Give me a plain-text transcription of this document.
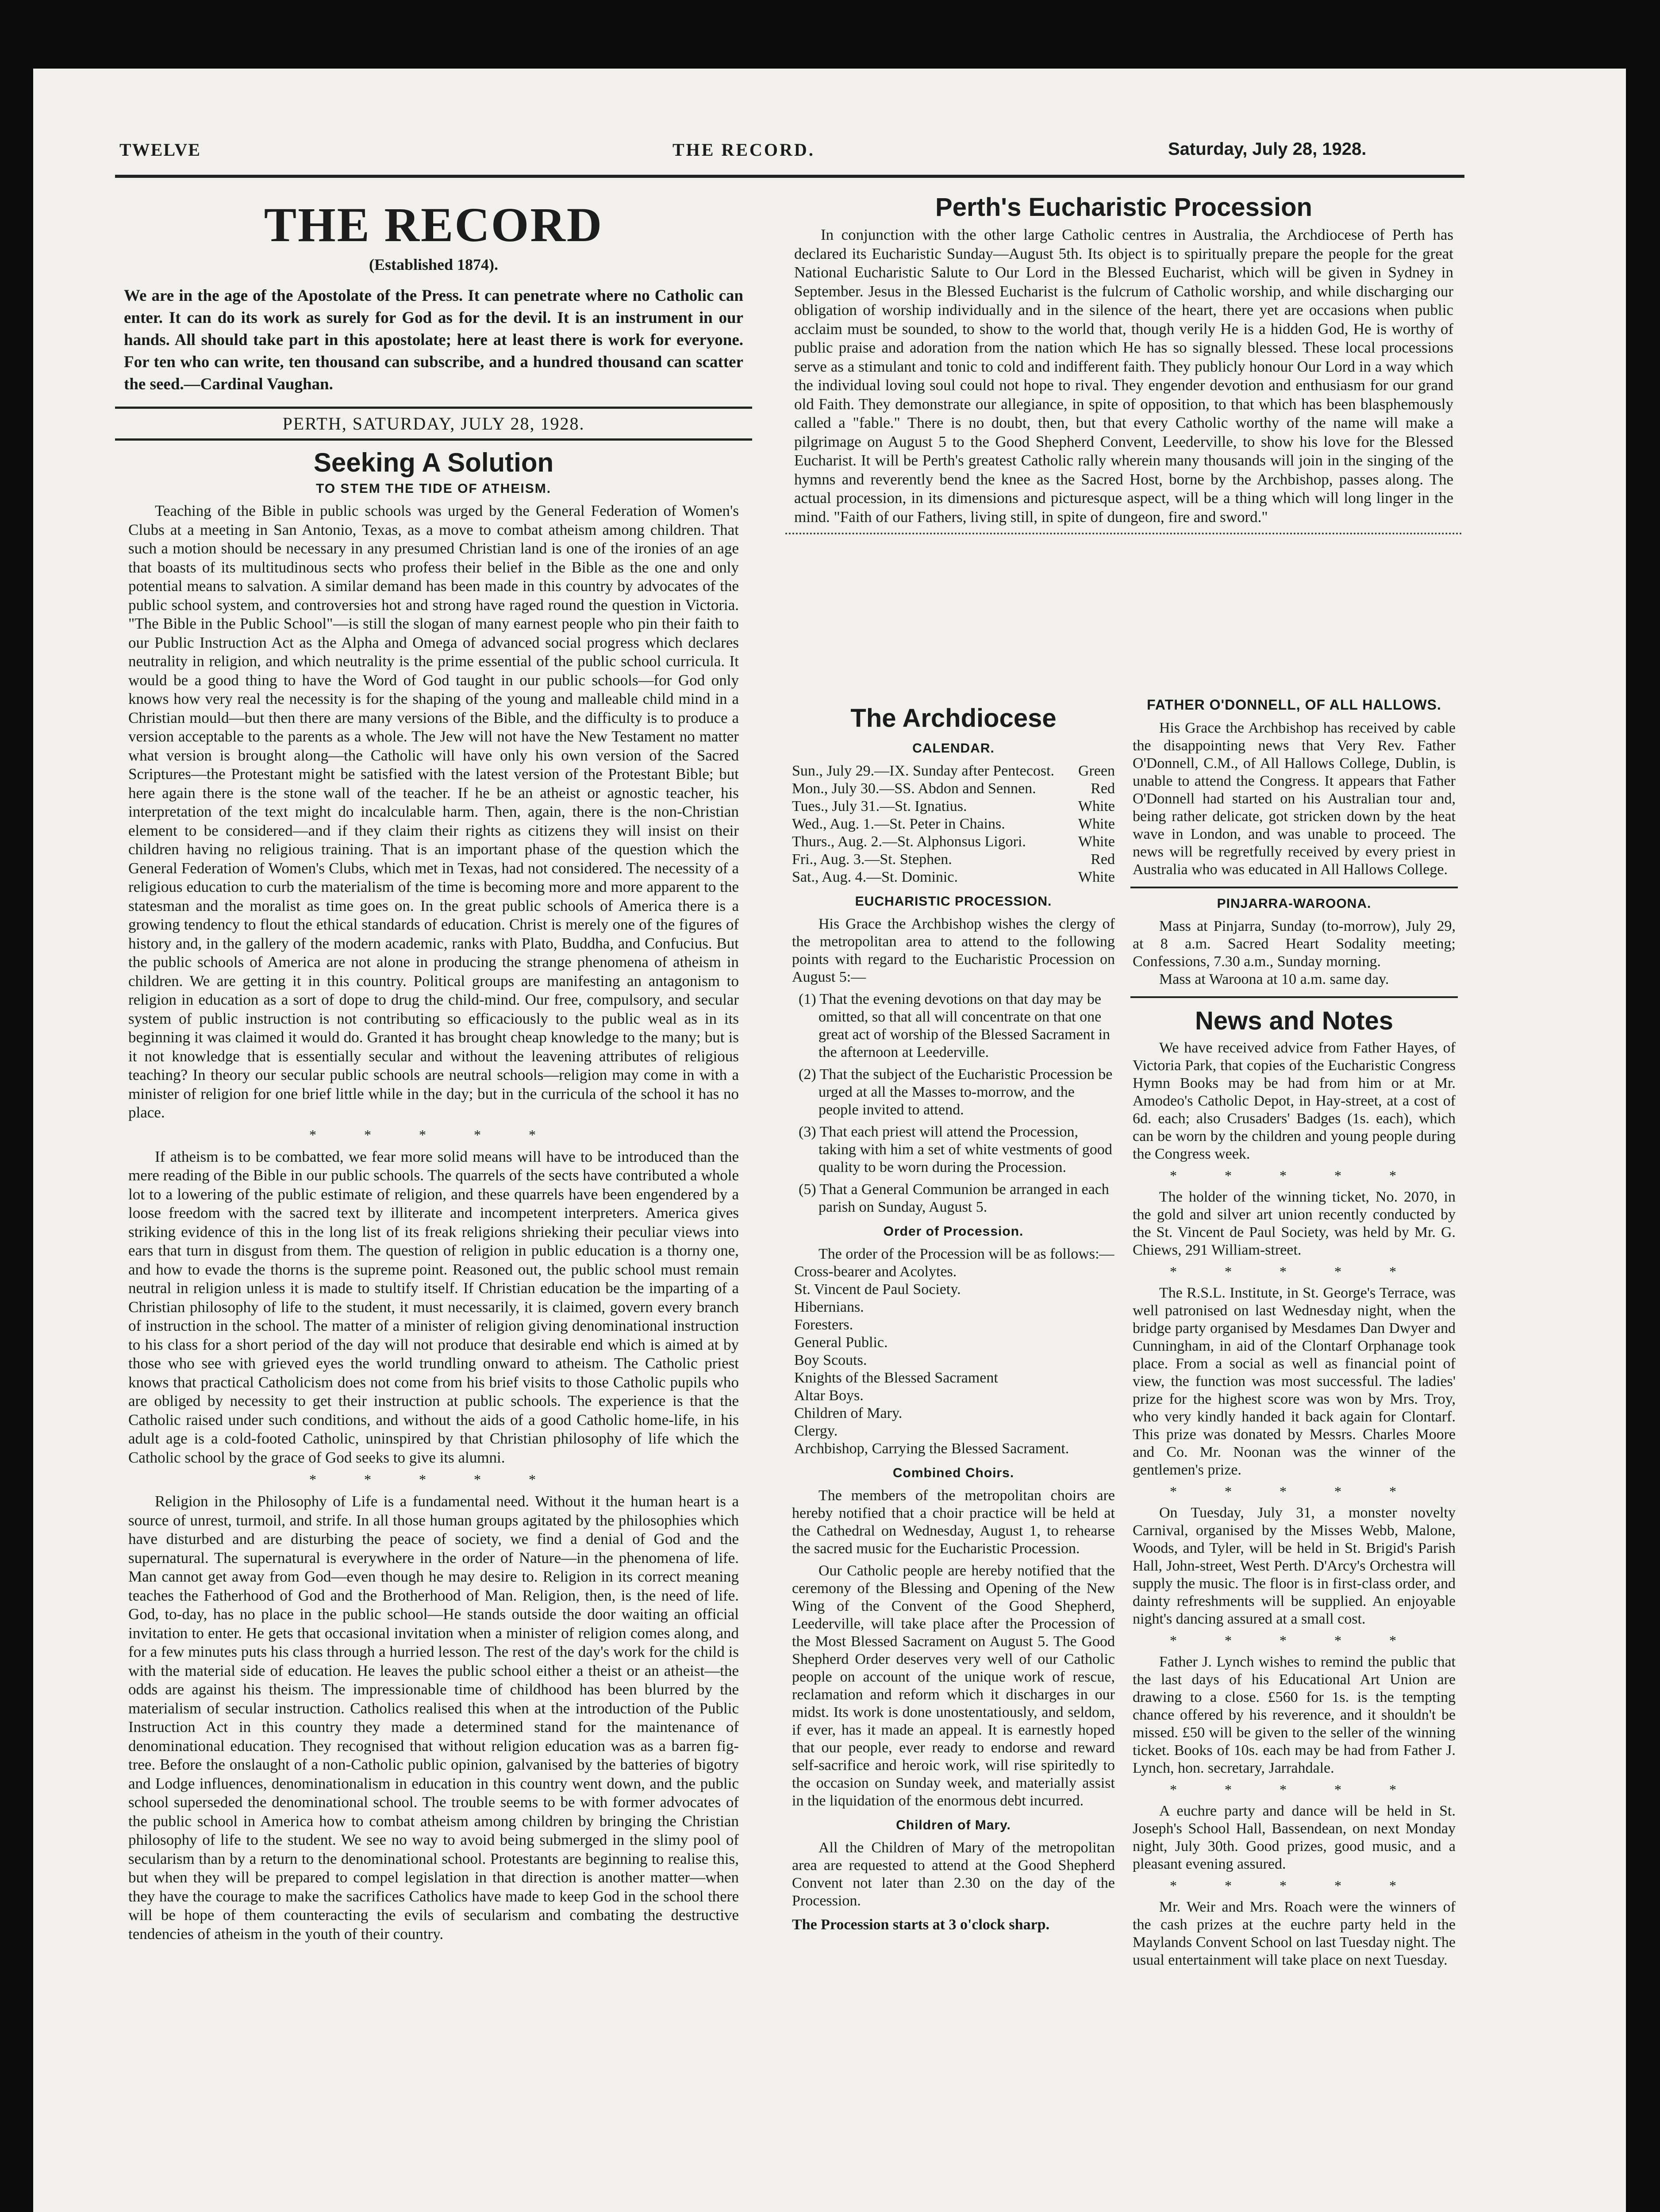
TWELVE	THE RECORD.	Saturday, July 28, 1928.
THE RECORD
(Established 1874).
We are in the age of the Apostolate of the Press. It can penetrate where no Catholic can enter. It can do its work as surely for God as for the devil. It is an instrument in our hands. All should take part in this apostolate; here at least there is work for everyone. For ten who can write, ten thousand can subscribe, and a hundred thousand can scatter the seed.—Cardinal Vaughan.
PERTH, SATURDAY, JULY 28, 1928.
Seeking A Solution
TO STEM THE TIDE OF ATHEISM.

Teaching of the Bible in public schools was urged by the General Federation of Women's Clubs at a meeting in San Antonio, Texas, as a move to combat atheism among children. That such a motion should be necessary in any presumed Christian land is one of the ironies of an age that boasts of its multitudinous sects who profess their belief in the Bible as the one and only potential means to salvation. A similar demand has been made in this country by advocates of the public school system, and controversies hot and strong have raged round the question in Victoria. "The Bible in the Public School"—is still the slogan of many earnest people who pin their faith to our Public Instruction Act as the Alpha and Omega of advanced social progress which declares neutrality in religion, and which neutrality is the prime essential of the public school curricula. It would be a good thing to have the Word of God taught in our public schools—for God only knows how very real the necessity is for the shaping of the young and malleable child mind in a Christian mould—but then there are many versions of the Bible, and the difficulty is to produce a version acceptable to the parents as a whole. The Jew will not have the New Testament no matter what version is brought along—the Catholic will have only his own version of the Sacred Scriptures—the Protestant might be satisfied with the latest version of the Protestant Bible; but here again there is the stone wall of the teacher. If he be an atheist or agnostic teacher, his interpretation of the text might do incalculable harm. Then, again, there is the non-Christian element to be considered—and if they claim their rights as citizens they will insist on their children having no religious training. That is an important phase of the question which the General Federation of Women's Clubs, which met in Texas, had not considered. The necessity of a religious education to curb the materialism of the time is becoming more and more apparent to the statesman and the moralist as time goes on. In the great public schools of America there is a growing tendency to flout the ethical standards of education. Christ is merely one of the figures of history and, in the gallery of the modern academic, ranks with Plato, Buddha, and Confucius. But the public schools of America are not alone in producing the strange phenomena of atheism in children. We are getting it in this country. Political groups are manifesting an antagonism to religion in education as a sort of dope to drug the child-mind. Our free, compulsory, and secular system of public instruction is not contributing so efficaciously to the public weal as in its beginning it was claimed it would do. Granted it has brought cheap knowledge to the many; but is it not knowledge that is essentially secular and without the leavening attributes of religious teaching? In theory our secular public schools are neutral schools—religion may come in with a minister of religion for one brief little while in the day; but in the curricula of the school it has no place.

* * * * *

If atheism is to be combatted, we fear more solid means will have to be introduced than the mere reading of the Bible in our public schools. The quarrels of the sects have contributed a whole lot to a lowering of the public estimate of religion, and these quarrels have been engendered by a loose freedom with the sacred text by illiterate and incompetent interpreters. America gives striking evidence of this in the long list of its freak religions shrieking their peculiar views into ears that turn in disgust from them. The question of religion in public education is a thorny one, and how to evade the thorns is the supreme point. Reasoned out, the public school must remain neutral in religion unless it is made to stultify itself. If Christian education be the imparting of a Christian philosophy of life to the student, it must necessarily, it is claimed, govern every branch of instruction in the school. The matter of a minister of religion giving denominational instruction to his class for a short period of the day will not produce that desirable end which is aimed at by those who see with grieved eyes the world trundling onward to atheism. The Catholic priest knows that practical Catholicism does not come from his brief visits to those Catholic pupils who are obliged by necessity to get their instruction at public schools. The experience is that the Catholic raised under such conditions, and without the aids of a good Catholic home-life, in his adult age is a cold-footed Catholic, uninspired by that Christian philosophy of life which the Catholic school by the grace of God seeks to give its alumni.

* * * * *

Religion in the Philosophy of Life is a fundamental need. Without it the human heart is a source of unrest, turmoil, and strife. In all those human groups agitated by the philosophies which have disturbed and are disturbing the peace of society, we find a denial of God and the supernatural. The supernatural is everywhere in the order of Nature—in the phenomena of life. Man cannot get away from God—even though he may desire to. Religion in its correct meaning teaches the Fatherhood of God and the Brotherhood of Man. Religion, then, is the need of life. God, to-day, has no place in the public school—He stands outside the door waiting an official invitation to enter. He gets that occasional invitation when a minister of religion comes along, and for a few minutes puts his class through a hurried lesson. The rest of the day's work for the child is with the material side of education. He leaves the public school either a theist or an atheist—the odds are against his theism. The impressionable time of childhood has been blurred by the materialism of secular instruction. Catholics realised this when at the introduction of the Public Instruction Act in this country they made a determined stand for the maintenance of denominational education. They recognised that without religion education was as a barren fig-tree. Before the onslaught of a non-Catholic public opinion, galvanised by the batteries of bigotry and Lodge influences, denominationalism in education in this country went down, and the public school superseded the denominational school. The trouble seems to be with former advocates of the public school in America how to combat atheism among children by bringing the Christian philosophy of life to the student. We see no way to avoid being submerged in the slimy pool of secularism than by a return to the denominational school. Protestants are beginning to realise this, but when they will be prepared to compel legislation in that direction is another matter—when they have the courage to make the sacrifices Catholics have made to keep God in the school there will be hope of them counteracting the evils of secularism and combating the destructive tendencies of atheism in the youth of their country.

Perth's Eucharistic Procession

In conjunction with the other large Catholic centres in Australia, the Archdiocese of Perth has declared its Eucharistic Sunday—August 5th. Its object is to spiritually prepare the people for the great National Eucharistic Salute to Our Lord in the Blessed Eucharist, which will be given in Sydney in September. Jesus in the Blessed Eucharist is the fulcrum of Catholic worship, and while discharging our obligation of worship individually and in the silence of the heart, there yet are occasions when public acclaim must be sounded, to show to the world that, though verily He is a hidden God, He is worthy of public praise and adoration from the nation which He has so signally blessed. These local processions serve as a stimulant and tonic to cold and indifferent faith. They publicly honour Our Lord in a way which the individual loving soul could not hope to rival. They engender devotion and enthusiasm for our grand old Faith. They demonstrate our allegiance, in spite of opposition, to that which has been blasphemously called a "fable." There is no doubt, then, but that every Catholic worthy of the name will make a pilgrimage on August 5 to the Good Shepherd Convent, Leederville, to show his love for the Blessed Eucharist. It will be Perth's greatest Catholic rally wherein many thousands will join in the singing of the hymns and reverently bend the knee as the Sacred Host, borne by the Archbishop, passes along. The actual procession, in its dimensions and picturesque aspect, will be a thing which will long linger in the mind. "Faith of our Fathers, living still, in spite of dungeon, fire and sword."

The Archdiocese
CALENDAR.
Sun., July 29.—IX. Sunday after Pentecost. Green
Mon., July 30.—SS. Abdon and Sennen.	Red
Tues., July 31.—St. Ignatius.	White
Wed., Aug. 1.—St. Peter in Chains.	White
Thurs., Aug. 2.—St. Alphonsus Ligori.	White
Fri., Aug. 3.—St. Stephen.	Red
Sat., Aug. 4.—St. Dominic.	White
EUCHARISTIC PROCESSION.

His Grace the Archbishop wishes the clergy of the metropolitan area to attend to the following points with regard to the Eucharistic Procession on August 5:—

(1) That the evening devotions on that day may be omitted, so that all will concentrate on that one great act of worship of the Blessed Sacrament in the afternoon at Leederville.
(2) That the subject of the Eucharistic Procession be urged at all the Masses to-morrow, and the people invited to attend.
(3) That each priest will attend the Procession, taking with him a set of white vestments of good quality to be worn during the Procession.
(5) That a General Communion be arranged in each parish on Sunday, August 5.
Order of Procession.

The order of the Procession will be as follows:—

Cross-bearer and Acolytes.
St. Vincent de Paul Society.
Hibernians.
Foresters.
General Public.
Boy Scouts.
Knights of the Blessed Sacrament
Altar Boys.
Children of Mary.
Clergy.
Archbishop, Carrying the Blessed Sacrament.
Combined Choirs.

The members of the metropolitan choirs are hereby notified that a choir practice will be held at the Cathedral on Wednesday, August 1, to rehearse the sacred music for the Eucharistic Procession.

Our Catholic people are hereby notified that the ceremony of the Blessing and Opening of the New Wing of the Convent of the Good Shepherd, Leederville, will take place after the Procession of the Most Blessed Sacrament on August 5. The Good Shepherd Order deserves very well of our Catholic people on account of the unique work of rescue, reclamation and reform which it discharges in our midst. Its work is done unostentatiously, and seldom, if ever, has it made an appeal. It is earnestly hoped that our people, ever ready to endorse and reward self-sacrifice and heroic work, will rise spiritedly to the occasion on Sunday week, and materially assist in the liquidation of the enormous debt incurred.

Children of Mary.

All the Children of Mary of the metropolitan area are requested to attend at the Good Shepherd Convent not later than 2.30 on the day of the Procession.

The Procession starts at 3 o'clock sharp.

FATHER O'DONNELL, OF ALL HALLOWS.

His Grace the Archbishop has received by cable the disappointing news that Very Rev. Father O'Donnell, C.M., of All Hallows College, Dublin, is unable to attend the Congress. It appears that Father O'Donnell had started on his Australian tour and, being rather delicate, got stricken down by the heat wave in London, and was unable to proceed. The news will be regretfully received by every priest in Australia who was educated in All Hallows College.

PINJARRA-WAROONA.

Mass at Pinjarra, Sunday (to-morrow), July 29, at 8 a.m. Sacred Heart Sodality meeting; Confessions, 7.30 a.m., Sunday morning.

Mass at Waroona at 10 a.m. same day.

News and Notes

We have received advice from Father Hayes, of Victoria Park, that copies of the Eucharistic Congress Hymn Books may be had from him or at Mr. Amodeo's Catholic Depot, in Hay-street, at a cost of 6d. each; also Crusaders' Badges (1s. each), which can be worn by the children and young people during the Congress week.

* * * * *

The holder of the winning ticket, No. 2070, in the gold and silver art union recently conducted by the St. Vincent de Paul Society, was held by Mr. G. Chiews, 291 William-street.

* * * * *

The R.S.L. Institute, in St. George's Terrace, was well patronised on last Wednesday night, when the bridge party organised by Mesdames Dan Dwyer and Cunningham, in aid of the Clontarf Orphanage took place. From a social as well as financial point of view, the function was most successful. The ladies' prize for the highest score was won by Mrs. Troy, who very kindly handed it back again for Clontarf. This prize was donated by Messrs. Charles Moore and Co. Mr. Noonan was the winner of the gentlemen's prize.

* * * * *

On Tuesday, July 31, a monster novelty Carnival, organised by the Misses Webb, Malone, Woods, and Tyler, will be held in St. Brigid's Parish Hall, John-street, West Perth. D'Arcy's Orchestra will supply the music. The floor is in first-class order, and dainty refreshments will be supplied. An enjoyable night's dancing assured at a small cost.

* * * * *

Father J. Lynch wishes to remind the public that the last days of his Educational Art Union are drawing to a close. £560 for 1s. is the tempting chance offered by his reverence, and it shouldn't be missed. £50 will be given to the seller of the winning ticket. Books of 10s. each may be had from Father J. Lynch, hon. secretary, Jarrahdale.

* * * * *

A euchre party and dance will be held in St. Joseph's School Hall, Bassendean, on next Monday night, July 30th. Good prizes, good music, and a pleasant evening assured.

* * * * *

Mr. Weir and Mrs. Roach were the winners of the cash prizes at the euchre party held in the Maylands Convent School on last Tuesday night. The usual entertainment will take place on next Tuesday.
